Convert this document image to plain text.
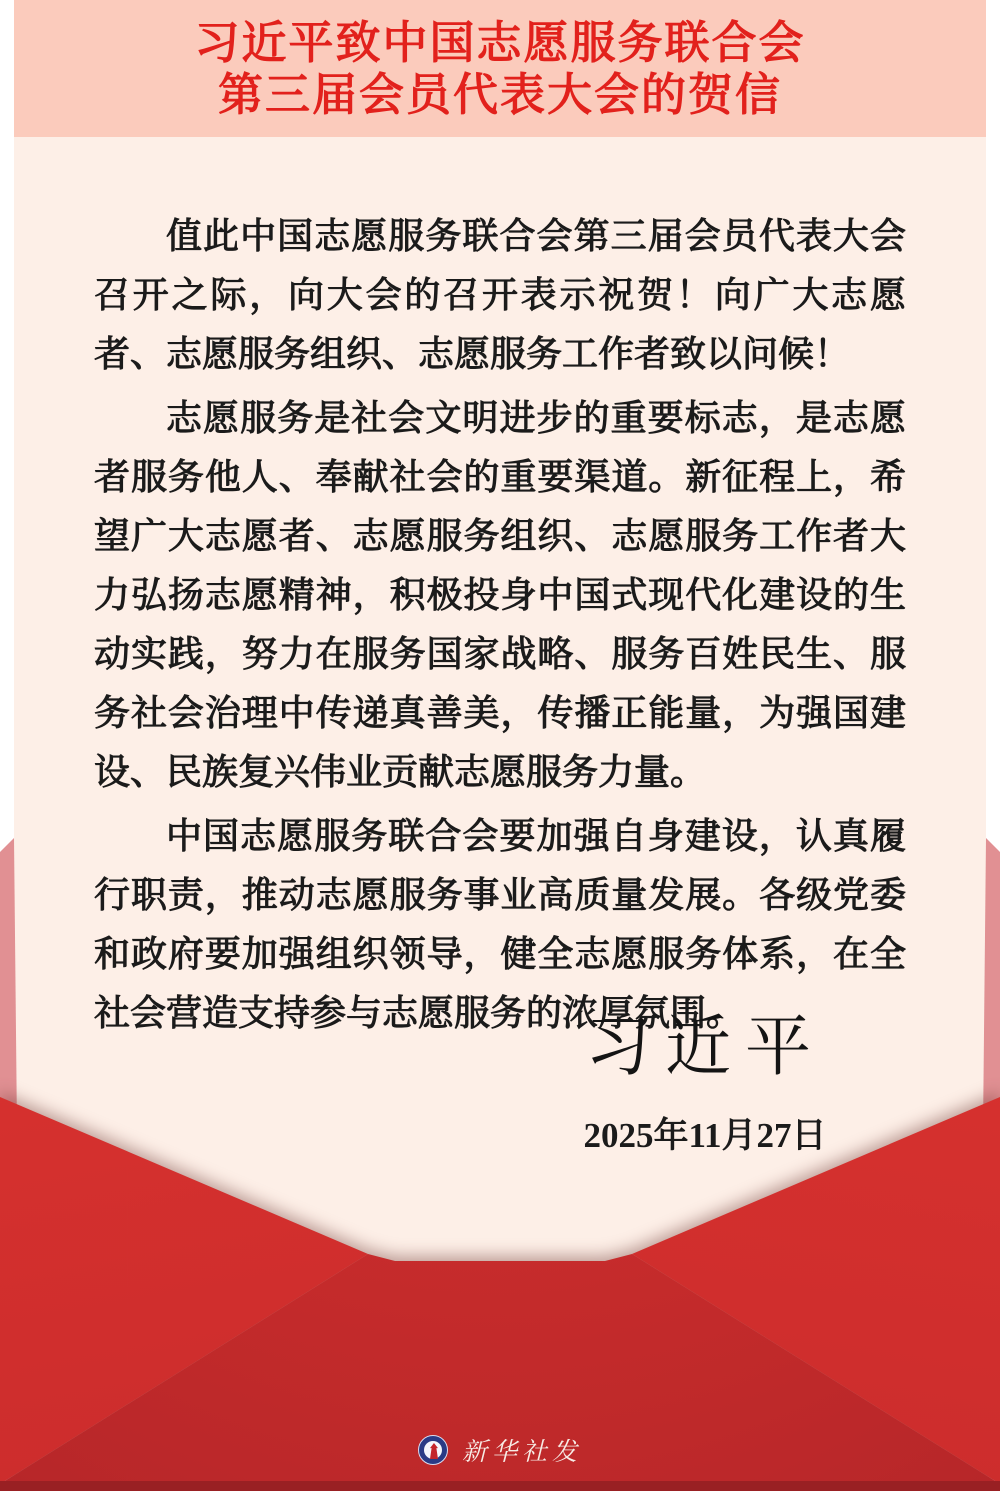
习近平致中国志愿服务联合会
第三届会员代表大会的贺信

值此中国志愿服务联合会第三届会员代表大会召开之际，向大会的召开表示祝贺！向广大志愿者、志愿服务组织、志愿服务工作者致以问候！

志愿服务是社会文明进步的重要标志，是志愿者服务他人、奉献社会的重要渠道。新征程上，希望广大志愿者、志愿服务组织、志愿服务工作者大力弘扬志愿精神，积极投身中国式现代化建设的生动实践，努力在服务国家战略、服务百姓民生、服务社会治理中传递真善美，传播正能量，为强国建设、民族复兴伟业贡献志愿服务力量。

中国志愿服务联合会要加强自身建设，认真履行职责，推动志愿服务事业高质量发展。各级党委和政府要加强组织领导，健全志愿服务体系，在全社会营造支持参与志愿服务的浓厚氛围。

习近平
2025年11月27日
新华社发
